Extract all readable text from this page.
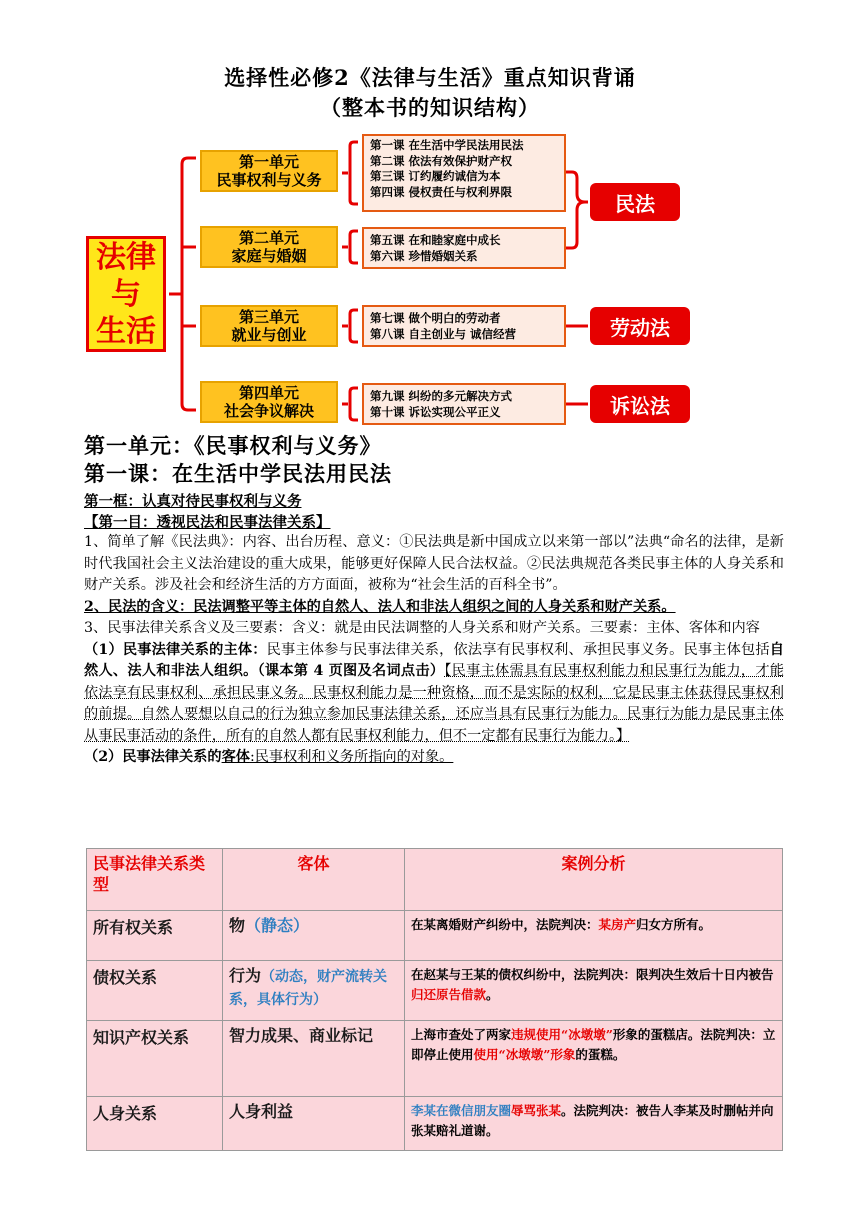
选择性必修2《法律与生活》重点知识背诵
（整本书的知识结构）
法律
与
生活
第一单元
民事权利与义务
第二单元
家庭与婚姻
第三单元
就业与创业
第四单元
社会争议解决
第一课 在生活中学民法用民法
第二课 依法有效保护财产权
第三课 订约履约诚信为本
第四课 侵权责任与权利界限
第五课 在和睦家庭中成长
第六课 珍惜婚姻关系
第七课 做个明白的劳动者
第八课 自主创业与 诚信经营
第九课 纠纷的多元解决方式
第十课 诉讼实现公平正义
民法
劳动法
诉讼法
第一单元：《民事权利与义务》
第一课：在生活中学民法用民法
第一框：认真对待民事权利与义务
【第一目：透视民法和民事法律关系】

1、简单了解《民法典》：内容、出台历程、意义：①民法典是新中国成立以来第一部以”法典“命名的法律，是新时代我国社会主义法治建设的重大成果，能够更好保障人民合法权益。②民法典规范各类民事主体的人身关系和财产关系。涉及社会和经济生活的方方面面，被称为“社会生活的百科全书”。

2、民法的含义：民法调整平等主体的自然人、法人和非法人组织之间的人身关系和财产关系。

3、民事法律关系含义及三要素：含义：就是由民法调整的人身关系和财产关系。三要素：主体、客体和内容

（1）民事法律关系的主体：民事主体参与民事法律关系，依法享有民事权利、承担民事义务。民事主体包括自然人、法人和非法人组织。（课本第 4 页图及名词点击）【民事主体需具有民事权利能力和民事行为能力，才能依法享有民事权利、承担民事义务。民事权利能力是一种资格，而不是实际的权利，它是民事主体获得民事权利的前提。自然人要想以自己的行为独立参加民事法律关系，还应当具有民事行为能力。民事行为能力是民事主体从事民事活动的条件，所有的自然人都有民事权利能力，但不一定都有民事行为能力。】

（2）民事法律关系的客体:民事权利和义务所指向的对象。

民事法律关系类型	客体	案例分析
所有权关系	物（静态）	在某离婚财产纠纷中，法院判决：某房产归女方所有。
债权关系	行为（动态，财产流转关系，具体行为）	在赵某与王某的债权纠纷中，法院判决：限判决生效后十日内被告归还原告借款。
知识产权关系	智力成果、商业标记	上海市查处了两家违规使用“冰墩墩”形象的蛋糕店。法院判决：立即停止使用使用“冰墩墩”形象的蛋糕。
人身关系	人身利益	李某在微信朋友圈辱骂张某。法院判决：被告人李某及时删帖并向张某赔礼道谢。
